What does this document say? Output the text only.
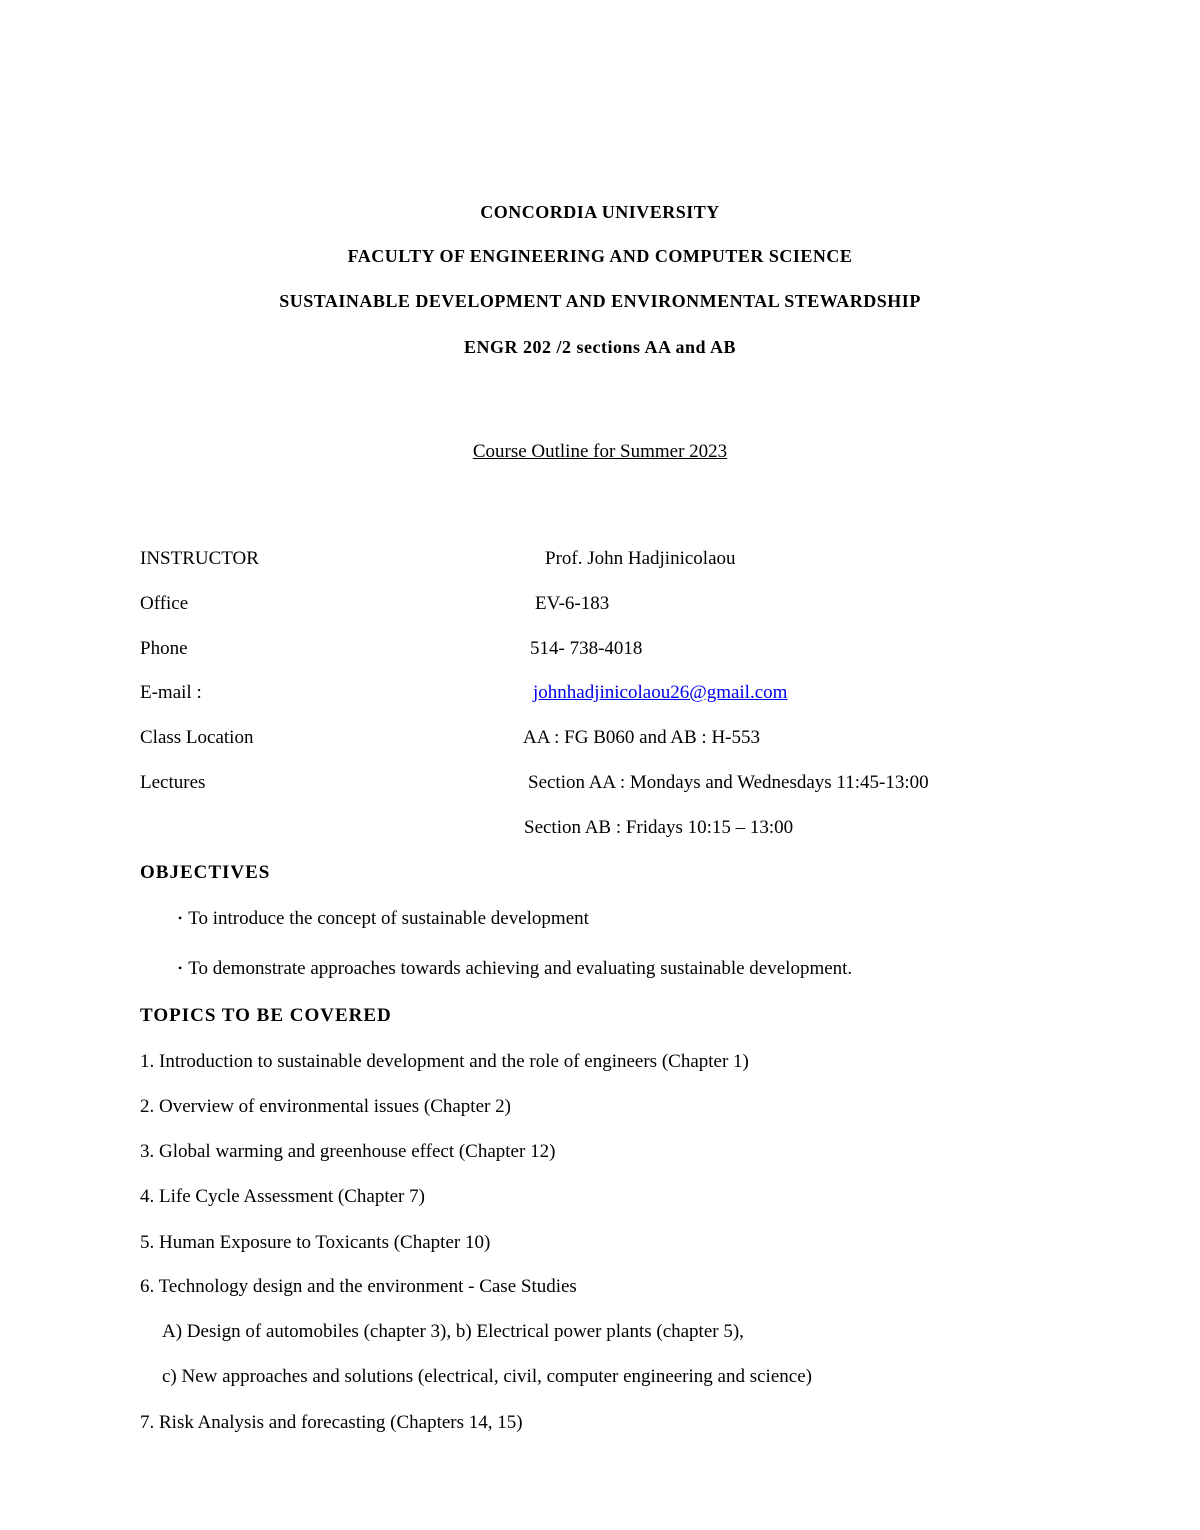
CONCORDIA UNIVERSITY
FACULTY OF ENGINEERING AND COMPUTER SCIENCE
SUSTAINABLE DEVELOPMENT AND ENVIRONMENTAL STEWARDSHIP
ENGR 202 /2 sections AA and AB
Course Outline for Summer 2023
INSTRUCTOR	Prof. John Hadjinicolaou
Office	EV-6-183
Phone	514- 738-4018
E-mail :	johnhadjinicolaou26@gmail.com
Class Location	AA : FG B060 and AB : H-553
Lectures	Section AA : Mondays and Wednesdays 11:45-13:00
Section AB : Fridays 10:15 – 13:00
OBJECTIVES
• To introduce the concept of sustainable development
• To demonstrate approaches towards achieving and evaluating sustainable development.
TOPICS TO BE COVERED
1. Introduction to sustainable development and the role of engineers (Chapter 1)
2. Overview of environmental issues (Chapter 2)
3. Global warming and greenhouse effect (Chapter 12)
4. Life Cycle Assessment (Chapter 7)
5. Human Exposure to Toxicants (Chapter 10)
6. Technology design and the environment - Case Studies
A) Design of automobiles (chapter 3), b) Electrical power plants (chapter 5),
c) New approaches and solutions (electrical, civil, computer engineering and science)
7. Risk Analysis and forecasting (Chapters 14, 15)
